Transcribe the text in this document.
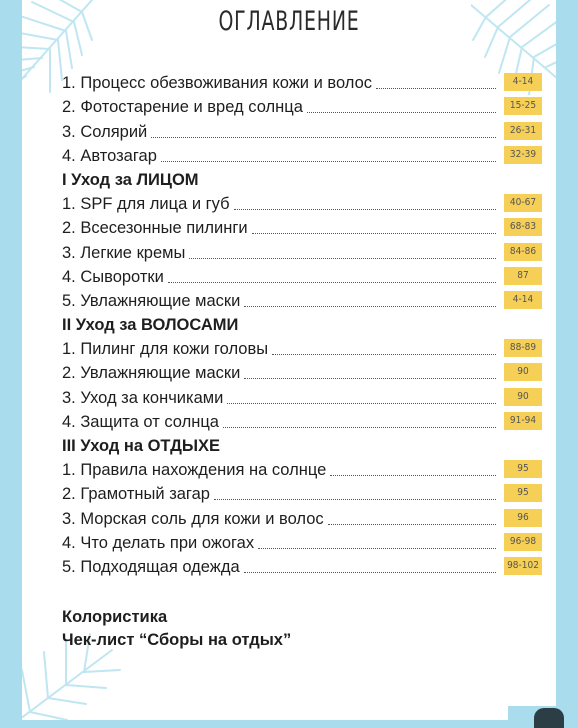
ОГЛАВЛЕНИЕ
1. Процесс обезвоживания кожи и волос	4-14
2. Фотостарение и вред солнца	15-25
3. Солярий	26-31
4. Автозагар	32-39
I Уход за ЛИЦОМ
1. SPF для лица и губ	40-67
2. Всесезонные пилинги	68-83
3. Легкие кремы	84-86
4. Сыворотки	87
5. Увлажняющие маски	4-14
II Уход за ВОЛОСАМИ
1. Пилинг для кожи головы	88-89
2. Увлажняющие маски	90
3. Уход за кончиками	90
4. Защита от солнца	91-94
III Уход на ОТДЫХЕ
1. Правила нахождения на солнце	95
2. Грамотный загар	95
3. Морская соль для кожи и волос	96
4. Что делать при ожогах	96-98
5. Подходящая одежда	98-102
Колористика
Чек-лист “Сборы на отдых”
